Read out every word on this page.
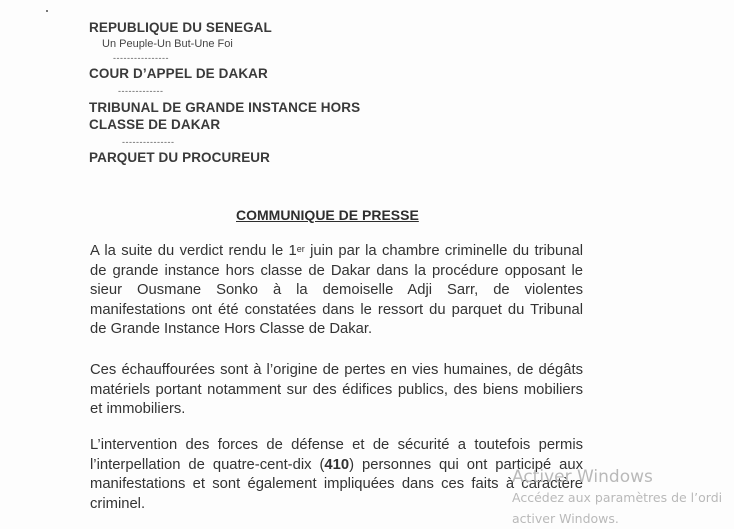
REPUBLIQUE DU SENEGAL
Un Peuple-Un But-Une Foi
----------------
COUR D’APPEL DE DAKAR
-------------
TRIBUNAL DE GRANDE INSTANCE HORS
CLASSE DE DAKAR
---------------
PARQUET DU PROCUREUR
COMMUNIQUE DE PRESSE
A la suite du verdict rendu le 1er juin par la chambre criminelle du tribunal de grande instance hors classe de Dakar dans la procédure opposant le sieur Ousmane Sonko à la demoiselle Adji Sarr, de violentes manifestations ont été constatées dans le ressort du parquet du Tribunal de Grande Instance Hors Classe de Dakar.
Ces échauffourées sont à l’origine de pertes en vies humaines, de dégâts matériels portant notamment sur des édifices publics, des biens mobiliers et immobiliers.
L’intervention des forces de défense et de sécurité a toutefois permis l’interpellation de quatre-cent-dix (410) personnes qui ont participé aux manifestations et sont également impliquées dans ces faits à caractère criminel.
Activer Windows
Accédez aux paramètres de l’ordi
activer Windows.
